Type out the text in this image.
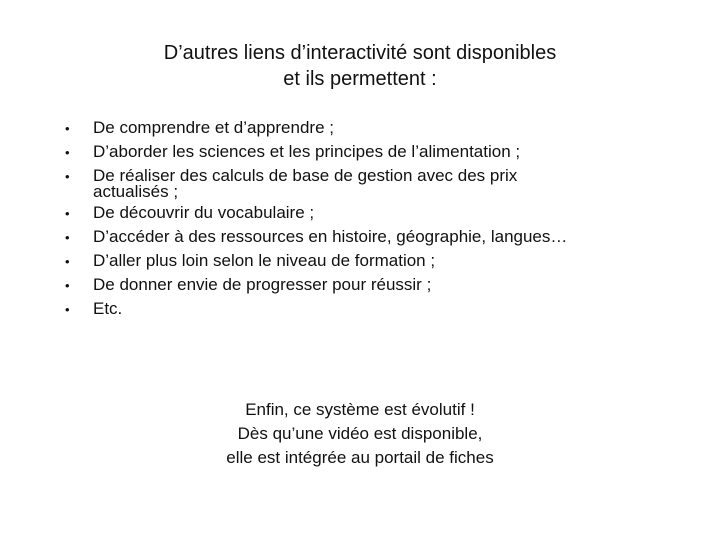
D’autres liens d’interactivité sont disponibles
et ils permettent :
• De comprendre et d’apprendre ;
• D’aborder les sciences et les principes de l’alimentation ;
• De réaliser des calculs de base de gestion avec des prix actualisés ;
• De découvrir du vocabulaire ;
• D’accéder à des ressources en histoire, géographie, langues…
• D’aller plus loin selon le niveau de formation ;
• De donner envie de progresser pour réussir ;
• Etc.
Enfin, ce système est évolutif !
Dès qu’une vidéo est disponible,
elle est intégrée au portail de fiches
